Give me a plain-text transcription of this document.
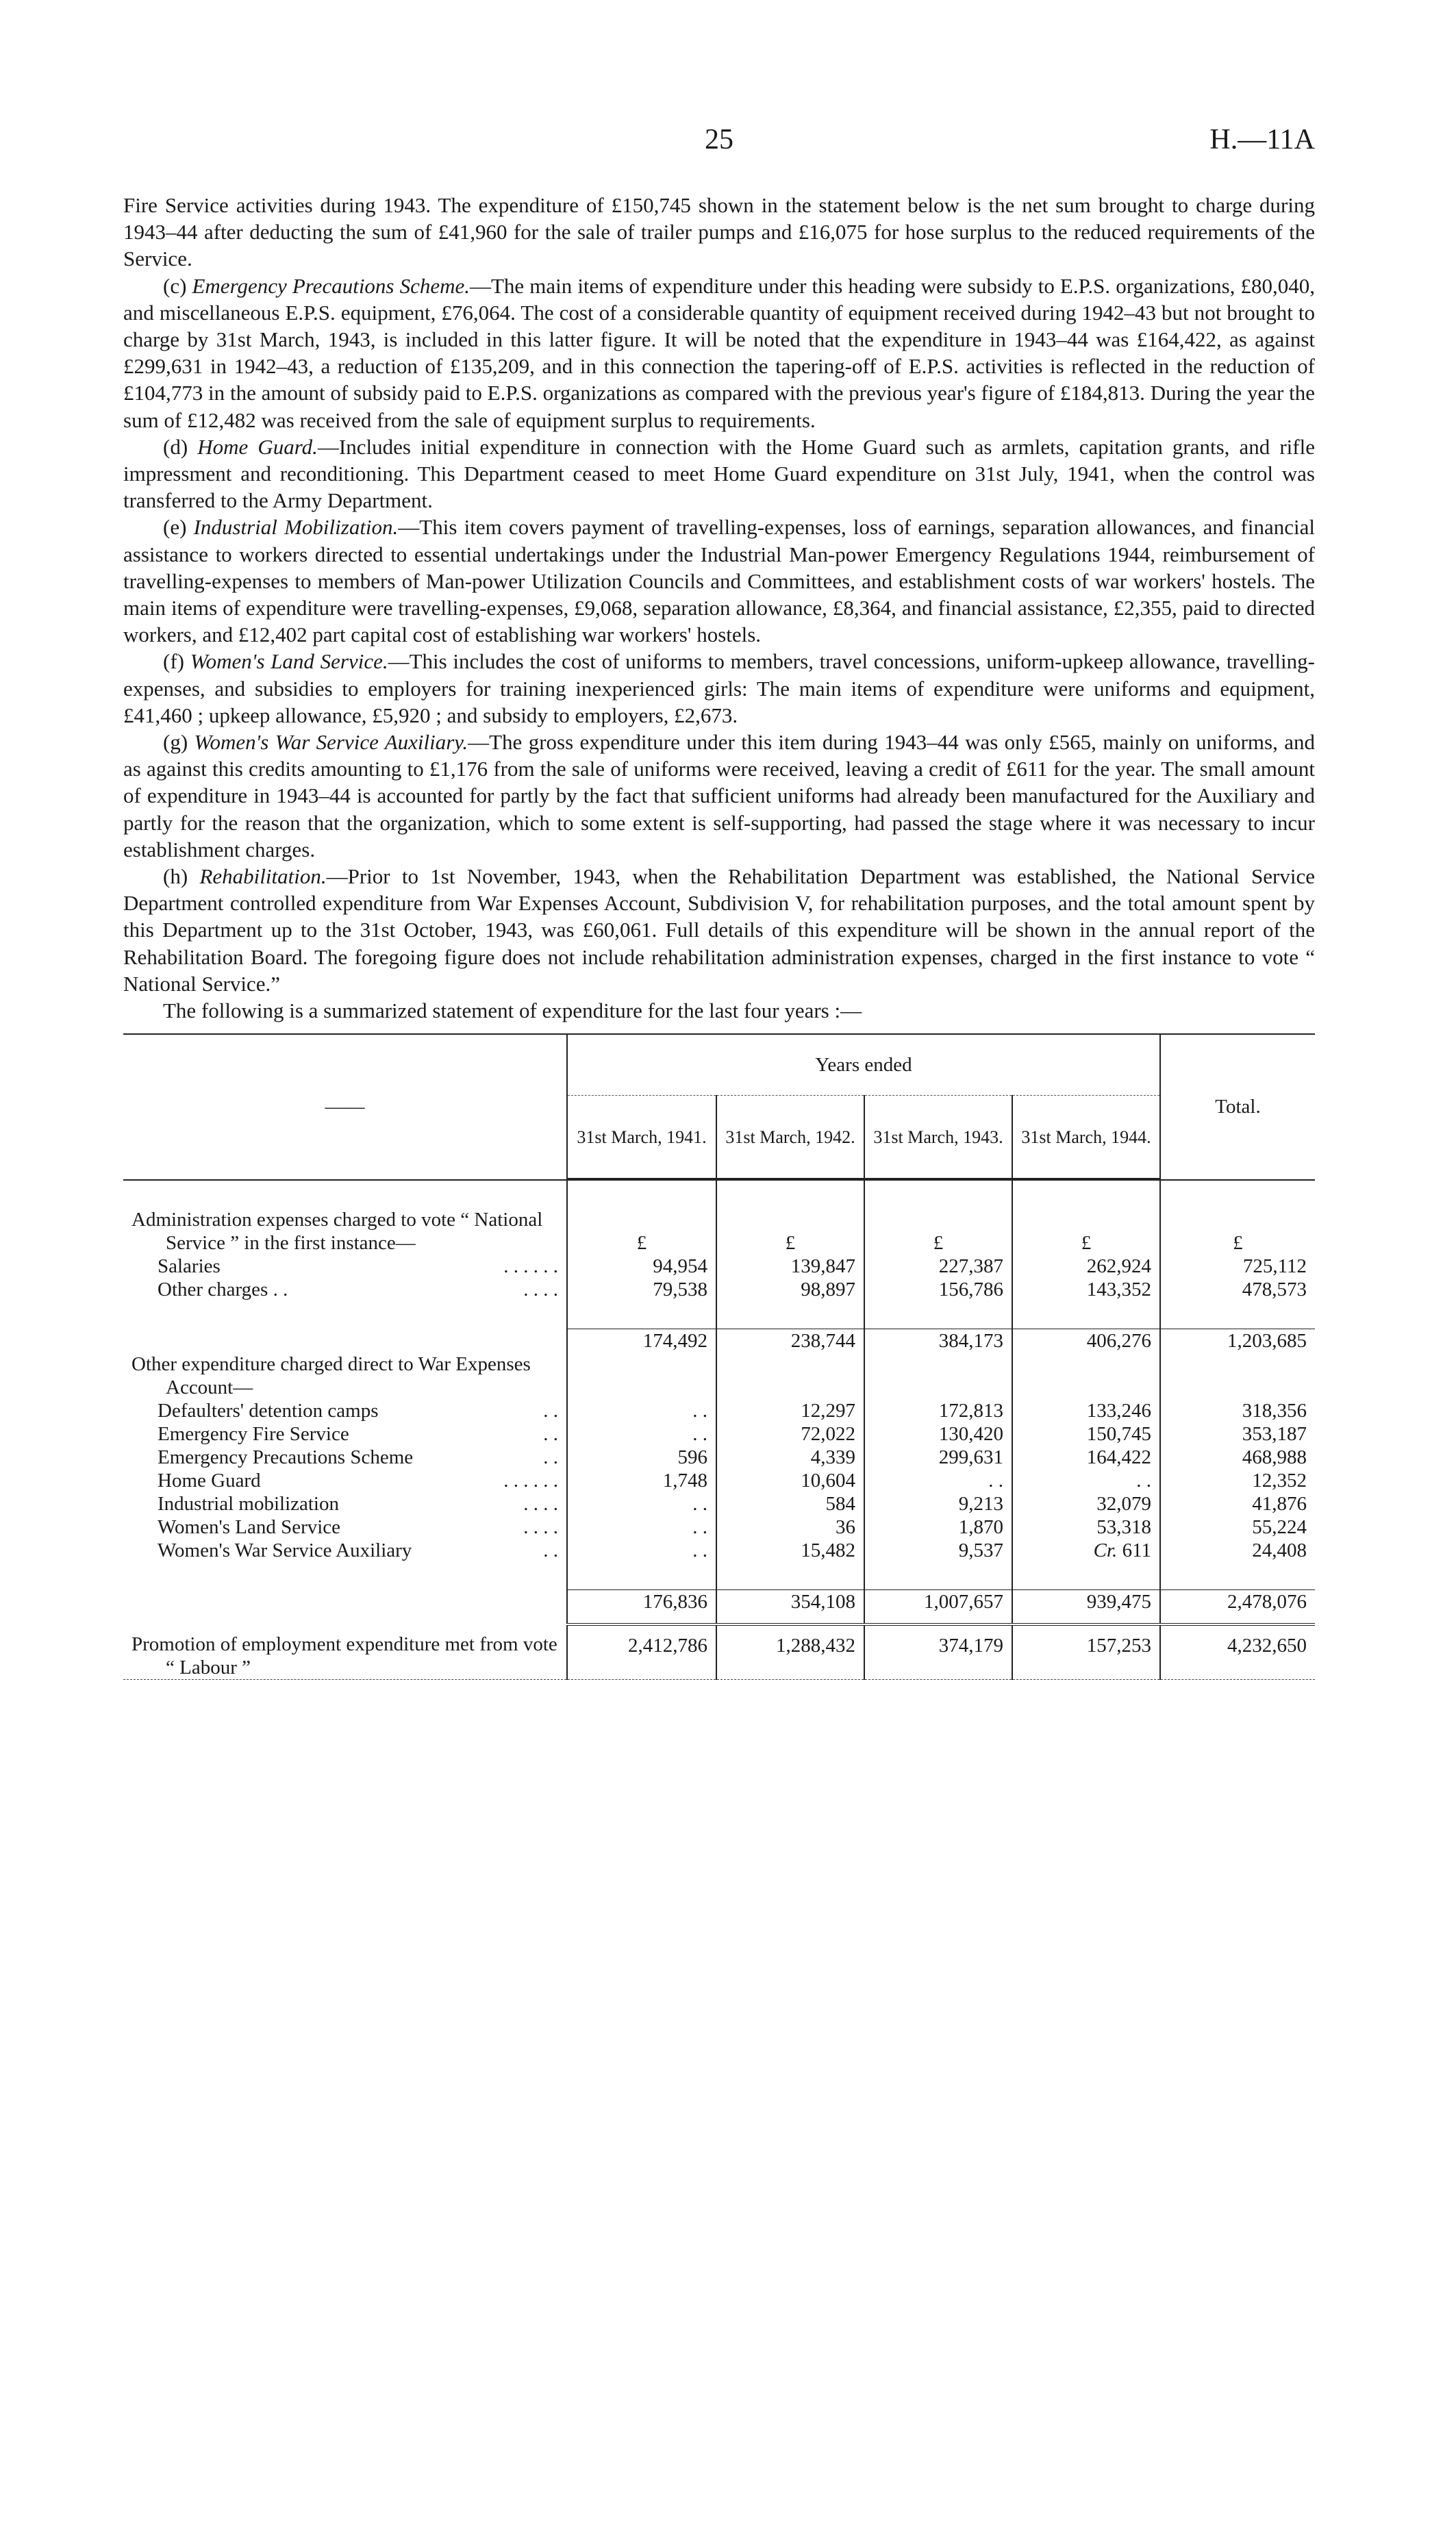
25	H.—11A

Fire Service activities during 1943. The expenditure of £150,745 shown in the statement below is the net sum brought to charge during 1943–44 after deducting the sum of £41,960 for the sale of trailer pumps and £16,075 for hose surplus to the reduced requirements of the Service.

(c) Emergency Precautions Scheme.—The main items of expenditure under this heading were subsidy to E.P.S. organizations, £80,040, and miscellaneous E.P.S. equipment, £76,064. The cost of a considerable quantity of equipment received during 1942–43 but not brought to charge by 31st March, 1943, is included in this latter figure. It will be noted that the expenditure in 1943–44 was £164,422, as against £299,631 in 1942–43, a reduction of £135,209, and in this connection the tapering-off of E.P.S. activities is reflected in the reduction of £104,773 in the amount of subsidy paid to E.P.S. organizations as compared with the previous year's figure of £184,813. During the year the sum of £12,482 was received from the sale of equipment surplus to requirements.

(d) Home Guard.—Includes initial expenditure in connection with the Home Guard such as armlets, capitation grants, and rifle impressment and reconditioning. This Department ceased to meet Home Guard expenditure on 31st July, 1941, when the control was transferred to the Army Department.

(e) Industrial Mobilization.—This item covers payment of travelling-expenses, loss of earnings, separation allowances, and financial assistance to workers directed to essential undertakings under the Industrial Man-power Emergency Regulations 1944, reimbursement of travelling-expenses to members of Man-power Utilization Councils and Committees, and establishment costs of war workers' hostels. The main items of expenditure were travelling-expenses, £9,068, separation allowance, £8,364, and financial assistance, £2,355, paid to directed workers, and £12,402 part capital cost of establishing war workers' hostels.

(f) Women's Land Service.—This includes the cost of uniforms to members, travel concessions, uniform-upkeep allowance, travelling-expenses, and subsidies to employers for training inexperienced girls: The main items of expenditure were uniforms and equipment, £41,460 ; upkeep allowance, £5,920 ; and subsidy to employers, £2,673.

(g) Women's War Service Auxiliary.—The gross expenditure under this item during 1943–44 was only £565, mainly on uniforms, and as against this credits amounting to £1,176 from the sale of uniforms were received, leaving a credit of £611 for the year. The small amount of expenditure in 1943–44 is accounted for partly by the fact that sufficient uniforms had already been manufactured for the Auxiliary and partly for the reason that the organization, which to some extent is self-supporting, had passed the stage where it was necessary to incur establishment charges.

(h) Rehabilitation.—Prior to 1st November, 1943, when the Rehabilitation Department was established, the National Service Department controlled expenditure from War Expenses Account, Subdivision V, for rehabilitation purposes, and the total amount spent by this Department up to the 31st October, 1943, was £60,061. Full details of this expenditure will be shown in the annual report of the Rehabilitation Board. The foregoing figure does not include rehabilitation administration expenses, charged in the first instance to vote “ National Service.”

The following is a summarized statement of expenditure for the last four years :—

——	Years ended				Total.
	31st March, 1941.	31st March, 1942.	31st March, 1943.	31st March, 1944.	

Administration expenses charged to vote “ National Service ” in the first instance—	£	£	£	£	£
Salaries . . . . . .	94,954	139,847	227,387	262,924	725,112
Other charges . . . . . .	79,538	98,897	156,786	143,352	478,573

	174,492	238,744	384,173	406,276	1,203,685
Other expenditure charged direct to War Expenses Account—					
Defaulters' detention camps . .	. .	12,297	172,813	133,246	318,356
Emergency Fire Service . .	. .	72,022	130,420	150,745	353,187
Emergency Precautions Scheme . .	596	4,339	299,631	164,422	468,988
Home Guard . . . . . .	1,748	10,604	. .	. .	12,352
Industrial mobilization . . . .	. .	584	9,213	32,079	41,876
Women's Land Service . . . .	. .	36	1,870	53,318	55,224
Women's War Service Auxiliary . .	. .	15,482	9,537	Cr. 611	24,408

	176,836	354,108	1,007,657	939,475	2,478,076
Promotion of employment expenditure met from vote “ Labour ”	2,412,786	1,288,432	374,179	157,253	4,232,650
